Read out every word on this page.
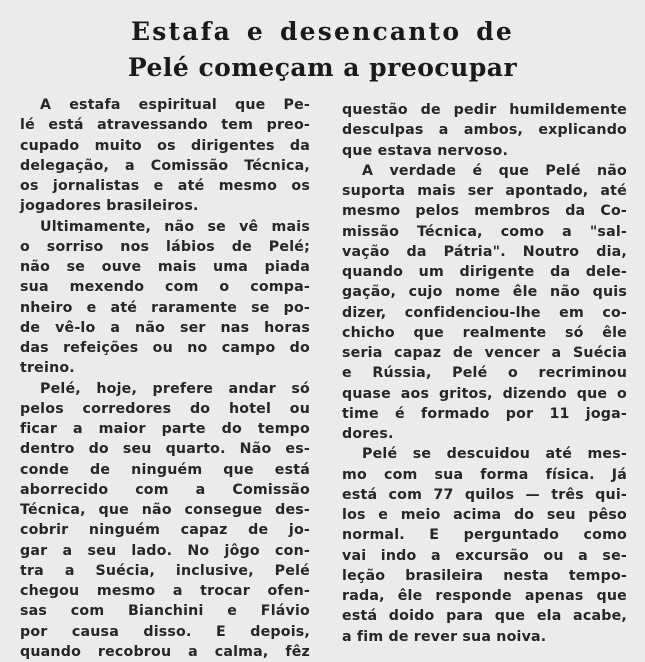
Estafa e desencanto de
Pelé começam a preocupar
A estafa espiritual que Pe-
lé está atravessando tem preo-
cupado muito os dirigentes da
delegação, a Comissão Técnica,
os jornalistas e até mesmo os
jogadores brasileiros.
Ultimamente, não se vê mais
o sorriso nos lábios de Pelé;
não se ouve mais uma piada
sua mexendo com o compa-
nheiro e até raramente se po-
de vê-lo a não ser nas horas
das refeições ou no campo do
treino.
Pelé, hoje, prefere andar só
pelos corredores do hotel ou
ficar a maior parte do tempo
dentro do seu quarto. Não es-
conde de ninguém que está
aborrecido com a Comissão
Técnica, que não consegue des-
cobrir ninguém capaz de jo-
gar a seu lado. No jôgo con-
tra a Suécia, inclusive, Pelé
chegou mesmo a trocar ofen-
sas com Bianchini e Flávio
por causa disso. E depois,
quando recobrou a calma, fêz
questão de pedir humildemente
desculpas a ambos, explicando
que estava nervoso.
A verdade é que Pelé não
suporta mais ser apontado, até
mesmo pelos membros da Co-
missão Técnica, como a "sal-
vação da Pátria". Noutro dia,
quando um dirigente da dele-
gação, cujo nome êle não quis
dizer, confidenciou-lhe em co-
chicho que realmente só êle
seria capaz de vencer a Suécia
e Rússia, Pelé o recriminou
quase aos gritos, dizendo que o
time é formado por 11 joga-
dores.
Pelé se descuidou até mes-
mo com sua forma física. Já
está com 77 quilos — três qui-
los e meio acima do seu pêso
normal. E perguntado como
vai indo a excursão ou a se-
leção brasileira nesta tempo-
rada, êle responde apenas que
está doido para que ela acabe,
a fim de rever sua noiva.
